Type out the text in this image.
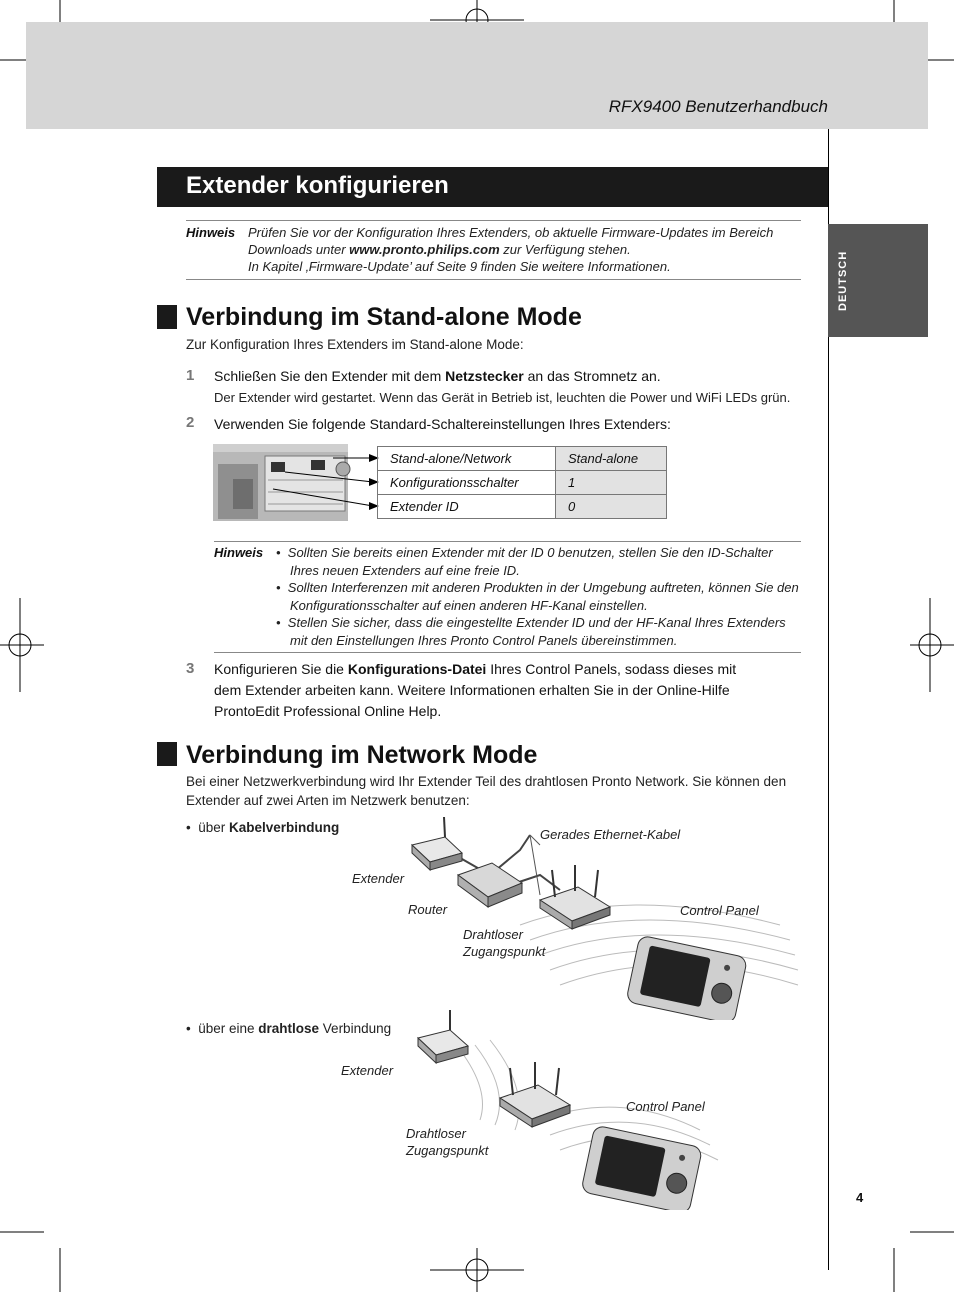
RFX9400 Benutzerhandbuch
DEUTSCH
Extender konfigurieren
Hinweis Prüfen Sie vor der Konfiguration Ihres Extenders, ob aktuelle Firmware-Updates im Bereich
Downloads unter www.pronto.philips.com zur Verfügung stehen.
In Kapitel ‚Firmware-Update’ auf Seite 9 finden Sie weitere Informationen.
Verbindung im Stand-alone Mode
Zur Konfiguration Ihres Extenders im Stand-alone Mode:
1 Schließen Sie den Extender mit dem Netzstecker an das Stromnetz an.
Der Extender wird gestartet. Wenn das Gerät in Betrieb ist, leuchten die Power und WiFi LEDs grün.
2 Verwenden Sie folgende Standard-Schaltereinstellungen Ihres Extenders:
Stand-alone/Network	Stand-alone
Konfigurationsschalter	1
Extender ID	0
Hinweis •  Sollten Sie bereits einen Extender mit der ID 0 benutzen, stellen Sie den ID-Schalter
Ihres neuen Extenders auf eine freie ID.
•  Sollten Interferenzen mit anderen Produkten in der Umgebung auftreten, können Sie den
Konfigurationsschalter auf einen anderen HF-Kanal einstellen.
•  Stellen Sie sicher, dass die eingestellte Extender ID und der HF-Kanal Ihres Extenders
mit den Einstellungen Ihres Pronto Control Panels übereinstimmen.
3 Konfigurieren Sie die Konfigurations-Datei Ihres Control Panels, sodass dieses mit
dem Extender arbeiten kann. Weitere Informationen erhalten Sie in der Online-Hilfe
ProntoEdit Professional Online Help.
Verbindung im Network Mode
Bei einer Netzwerkverbindung wird Ihr Extender Teil des drahtlosen Pronto Network. Sie können den
Extender auf zwei Arten im Netzwerk benutzen:
•  über Kabelverbindung
•  über eine drahtlose Verbindung
Gerades Ethernet-Kabel
Extender
Router
Drahtloser
Zugangspunkt
Control Panel
Extender
Drahtloser
Zugangspunkt
Control Panel
4
